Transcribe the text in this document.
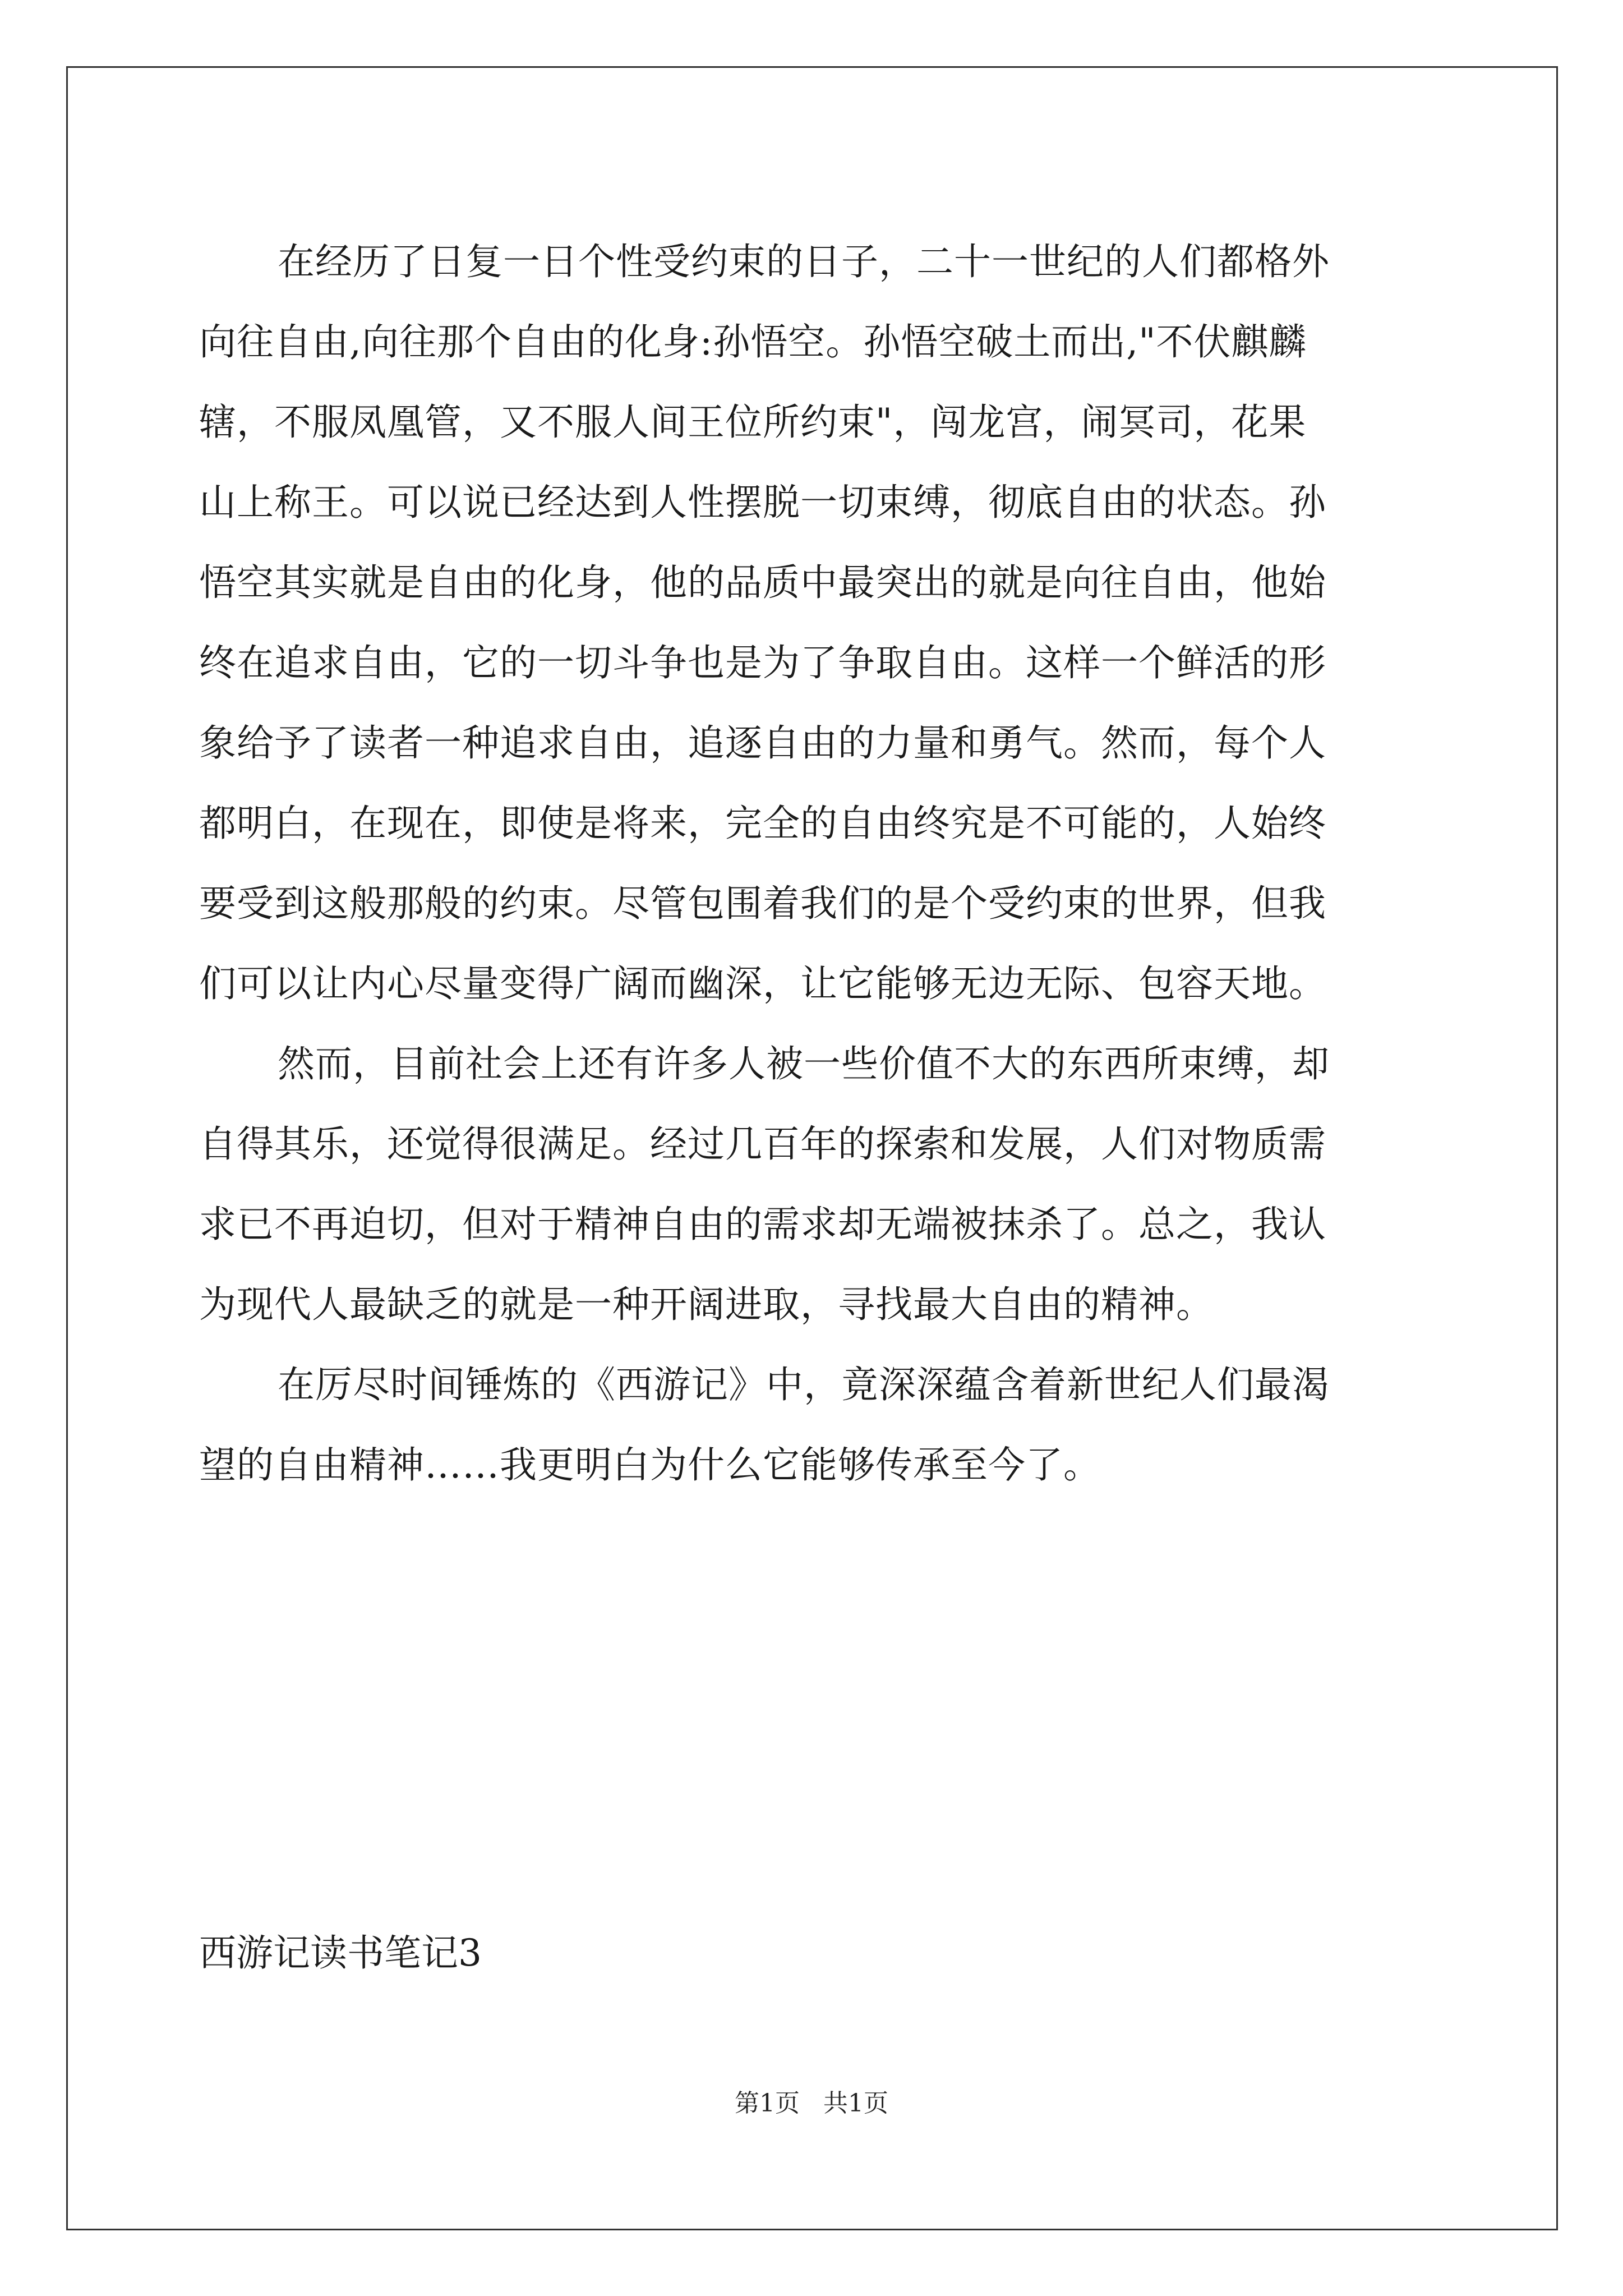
在经历了日复一日个性受约束的日子，二十一世纪的人们都格外
向往自由,向往那个自由的化身:孙悟空。孙悟空破土而出,"不伏麒麟
辖，不服凤凰管，又不服人间王位所约束"，闯龙宫，闹冥司，花果
山上称王。可以说已经达到人性摆脱一切束缚，彻底自由的状态。孙
悟空其实就是自由的化身，他的品质中最突出的就是向往自由，他始
终在追求自由，它的一切斗争也是为了争取自由。这样一个鲜活的形
象给予了读者一种追求自由，追逐自由的力量和勇气。然而，每个人
都明白，在现在，即使是将来，完全的自由终究是不可能的，人始终
要受到这般那般的约束。尽管包围着我们的是个受约束的世界，但我
们可以让内心尽量变得广阔而幽深，让它能够无边无际、包容天地。
然而，目前社会上还有许多人被一些价值不大的东西所束缚，却
自得其乐，还觉得很满足。经过几百年的探索和发展，人们对物质需
求已不再迫切，但对于精神自由的需求却无端被抹杀了。总之，我认
为现代人最缺乏的就是一种开阔进取，寻找最大自由的精神。
在厉尽时间锤炼的《西游记》中，竟深深蕴含着新世纪人们最渴
望的自由精神……我更明白为什么它能够传承至今了。
西游记读书笔记3
第1页   共1页
